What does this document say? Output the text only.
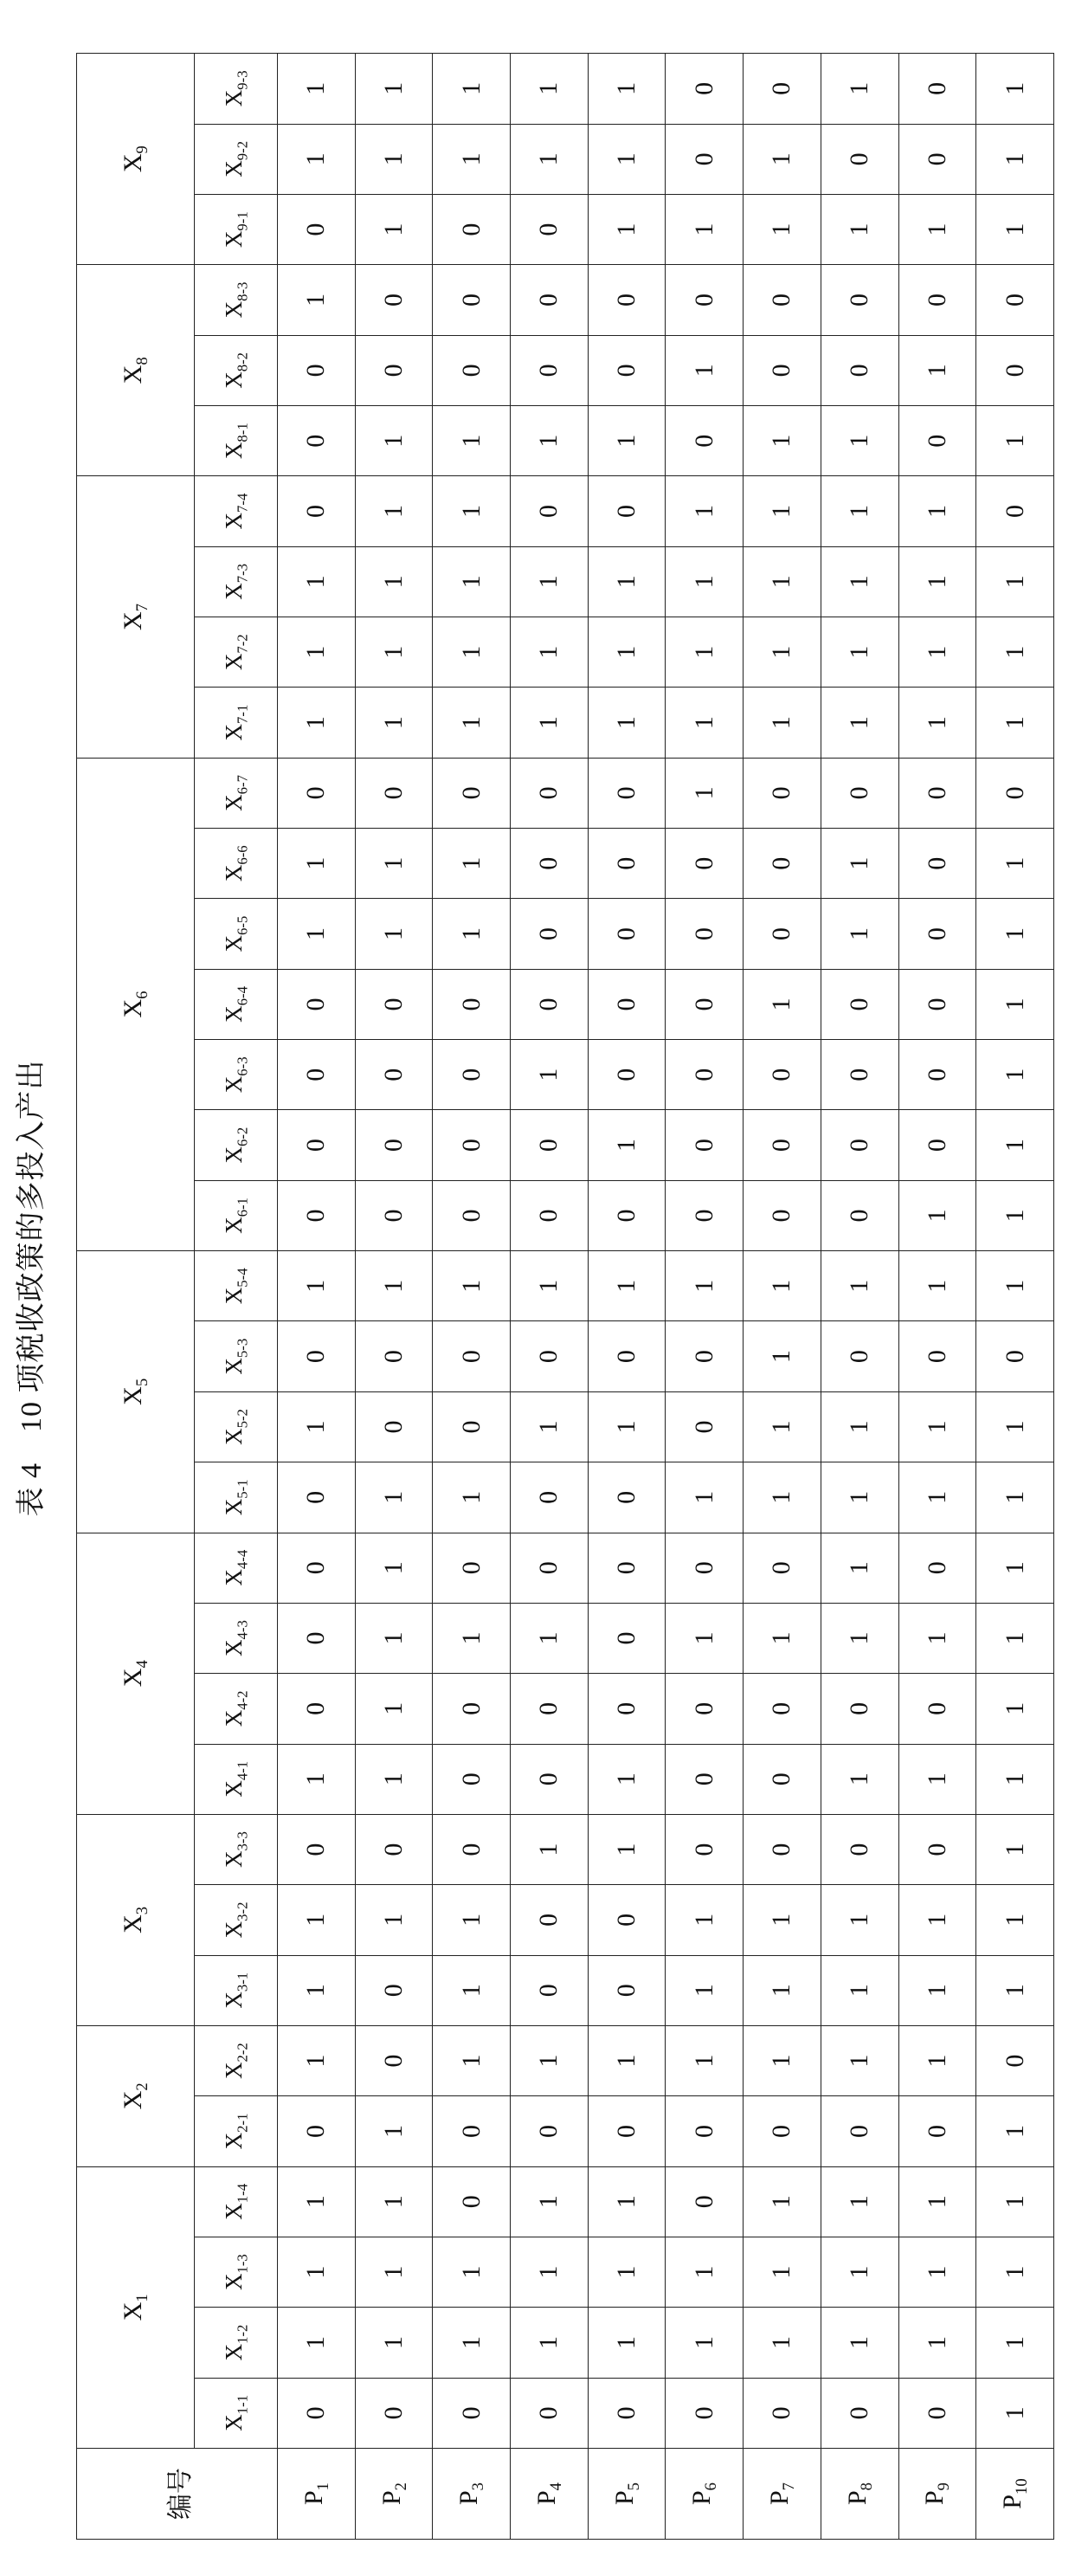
表 4　10 项税收政策的多投入产出
编号	$X_1$				$X_2$		$X_3$			$X_4$				$X_5$				$X_6$							$X_7$				$X_8$			$X_9$
	$X_{1-1}$	$X_{1-2}$	$X_{1-3}$	$X_{1-4}$	$X_{2-1}$	$X_{2-2}$	$X_{3-1}$	$X_{3-2}$	$X_{3-3}$	$X_{4-1}$	$X_{4-2}$	$X_{4-3}$	$X_{4-4}$	$X_{5-1}$	$X_{5-2}$	$X_{5-3}$	$X_{5-4}$	$X_{6-1}$	$X_{6-2}$	$X_{6-3}$	$X_{6-4}$	$X_{6-5}$	$X_{6-6}$	$X_{6-7}$	$X_{7-1}$	$X_{7-2}$	$X_{7-3}$	$X_{7-4}$	$X_{8-1}$	$X_{8-2}$	$X_{8-3}$	$X_{9-1}$	$X_{9-2}$	$X_{9-3}$
$P_1$	0	1	1	1	0	1	1	1	0	1	0	0	0	0	1	0	1	0	0	0	0	1	1	0	1	1	1	0	0	0	1	0	1	1
$P_2$	0	1	1	1	1	0	0	1	0	1	1	1	1	1	0	0	1	0	0	0	0	1	1	0	1	1	1	1	1	0	0	1	1	1
$P_3$	0	1	1	0	0	1	1	1	0	0	0	1	0	1	0	0	1	0	0	0	0	1	1	0	1	1	1	1	1	0	0	0	1	1
$P_4$	0	1	1	1	0	1	0	0	1	0	0	1	0	0	1	0	1	0	0	1	0	0	0	0	1	1	1	0	1	0	0	0	1	1
$P_5$	0	1	1	1	0	1	0	0	1	1	0	0	0	0	1	0	1	0	1	0	0	0	0	0	1	1	1	0	1	0	0	1	1	1
$P_6$	0	1	1	0	0	1	1	1	0	0	0	1	0	1	0	0	1	0	0	0	0	0	0	1	1	1	1	1	0	1	0	1	0	0
$P_7$	0	1	1	1	0	1	1	1	0	0	0	1	0	1	1	1	1	0	0	0	1	0	0	0	1	1	1	1	1	0	0	1	1	0
$P_8$	0	1	1	1	0	1	1	1	0	1	0	1	1	1	1	0	1	0	0	0	0	1	1	0	1	1	1	1	1	0	0	1	0	1
$P_9$	0	1	1	1	0	1	1	1	0	1	0	1	0	1	1	0	1	1	0	0	0	0	0	0	1	1	1	1	0	1	0	1	0	0
$P_{10}$	1	1	1	1	1	0	1	1	1	1	1	1	1	1	1	0	1	1	1	1	1	1	1	0	1	1	1	0	1	0	0	1	1	1
